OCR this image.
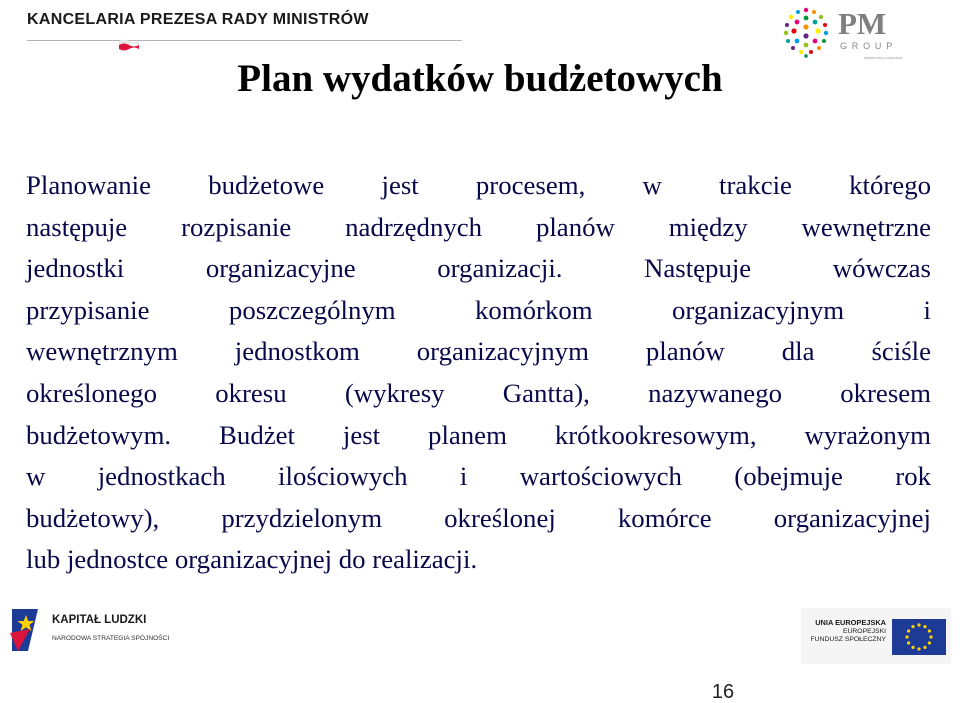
KANCELARIA PREZESA RADY MINISTRÓW	PM
GROUP
wspieramy przyszłość
Plan wydatków budżetowych
Planowanie budżetowe jest procesem, w trakcie którego
następuje rozpisanie nadrzędnych planów między wewnętrzne
jednostki organizacyjne organizacji. Następuje wówczas
przypisanie poszczególnym komórkom organizacyjnym i
wewnętrznym jednostkom organizacyjnym planów dla ściśle
określonego okresu (wykresy Gantta), nazywanego okresem
budżetowym. Budżet jest planem krótkookresowym, wyrażonym
w jednostkach ilościowych i wartościowych (obejmuje rok
budżetowy), przydzielonym określonej komórce organizacyjnej
lub jednostce organizacyjnej do realizacji.
KAPITAŁ LUDZKI
NARODOWA STRATEGIA SPÓJNOŚCI
UNIA EUROPEJSKA
EUROPEJSKI
FUNDUSZ SPOŁECZNY
16
